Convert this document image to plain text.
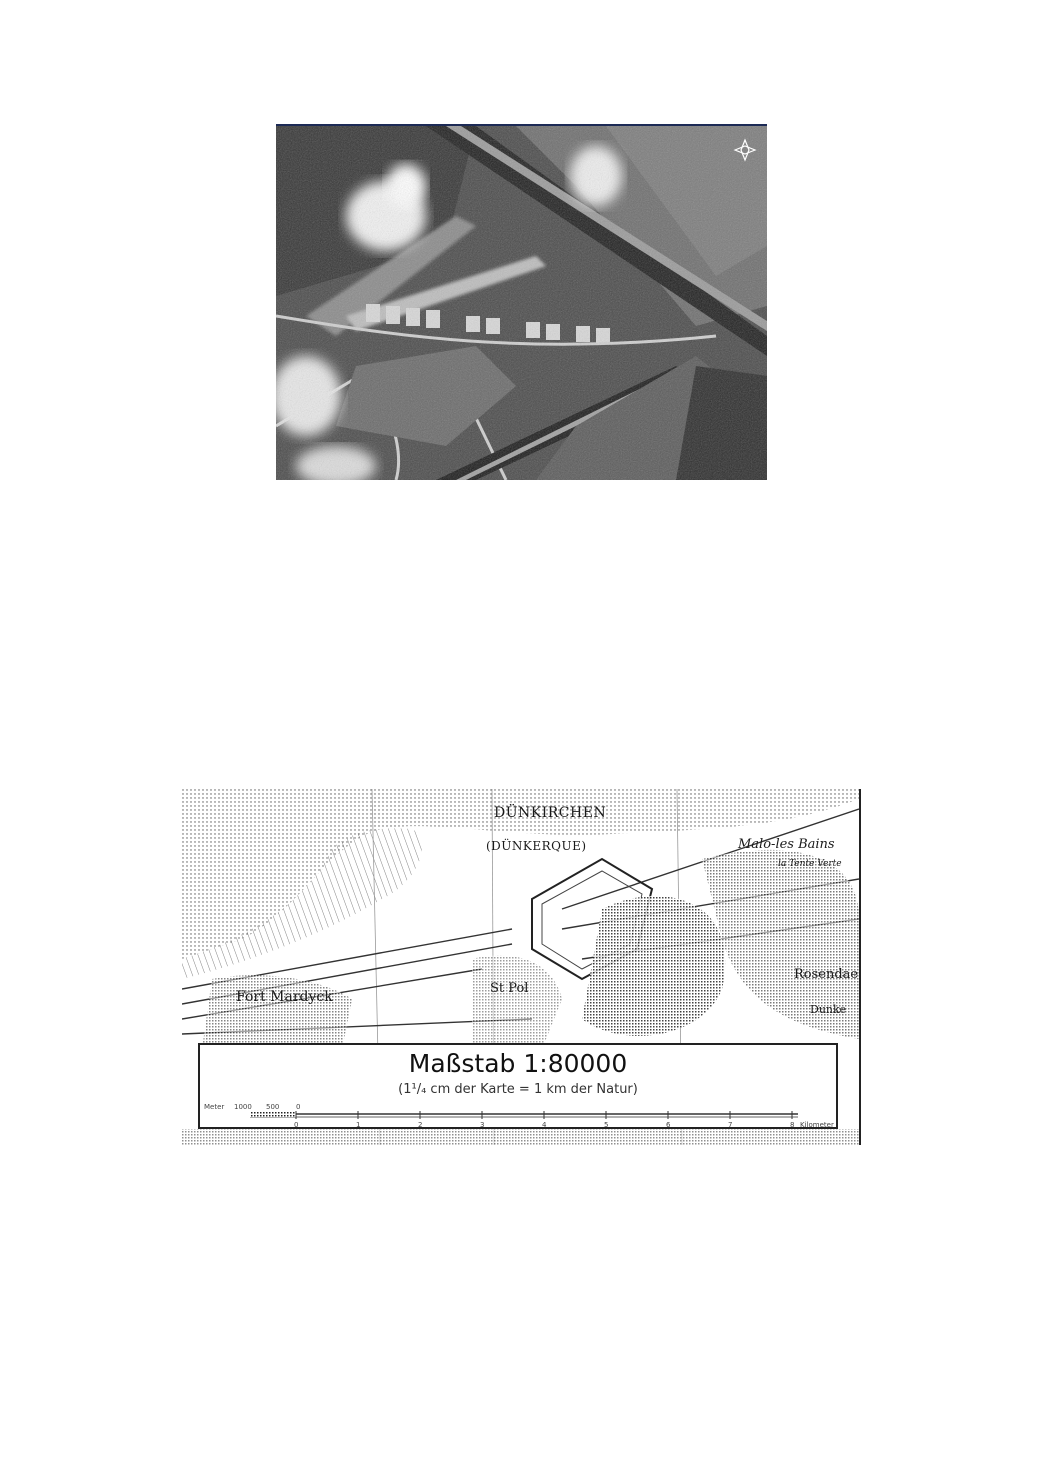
DÜNKIRCHEN
(DÜNKERQUE)	Malo-les Bains
la Tente Verte
Rosendae
Dunke
Fort Mardyck
St Pol
Maßstab 1:80000
(1¹/₄ cm der Karte = 1 km der Natur)
Meter 1000 500 0
0	1	2	3	4	5	6	7	8 Kilometer
